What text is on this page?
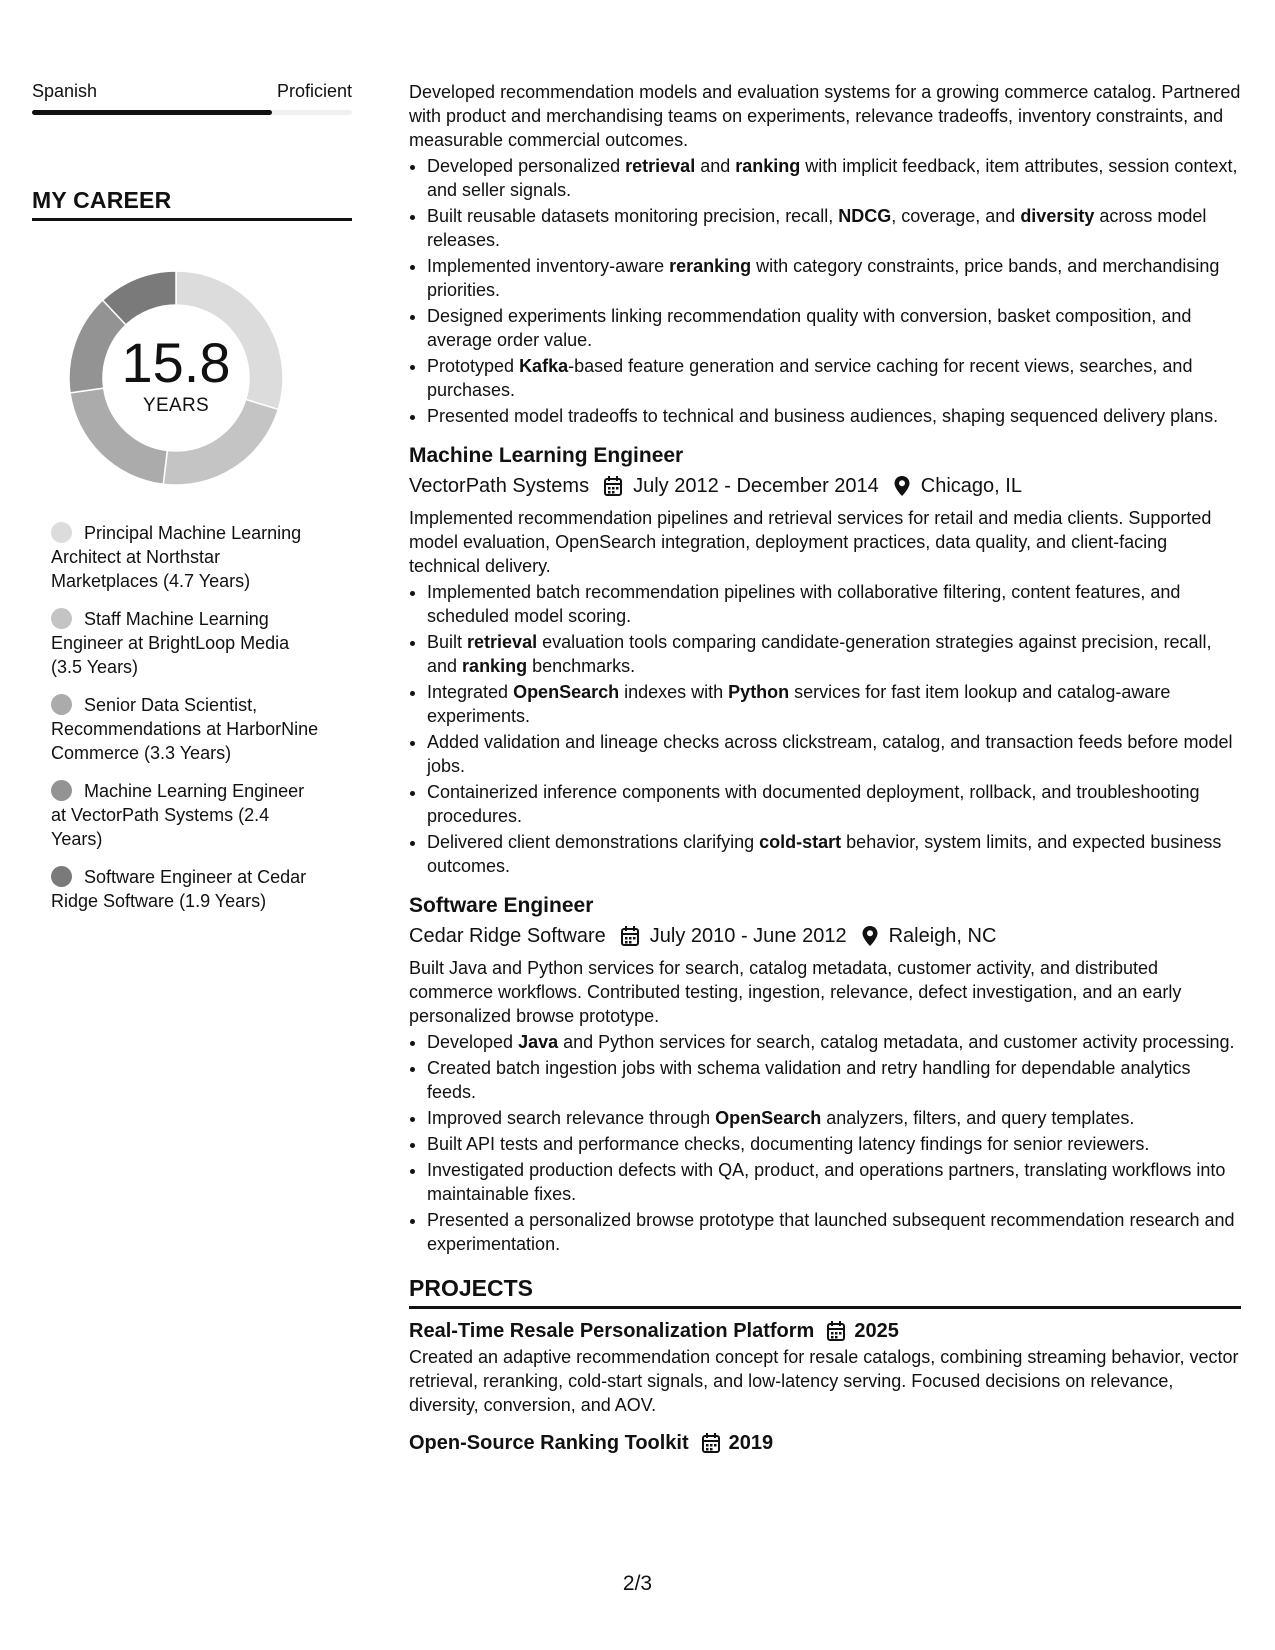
Spanish	Proficient
MY CAREER
15.8
YEARS
Principal Machine Learning Architect at Northstar Marketplaces (4.7 Years)
Staff Machine Learning Engineer at BrightLoop Media (3.5 Years)
Senior Data Scientist, Recommendations at HarborNine Commerce (3.3 Years)
Machine Learning Engineer at VectorPath Systems (2.4 Years)
Software Engineer at Cedar Ridge Software (1.9 Years)

Developed recommendation models and evaluation systems for a growing commerce catalog. Partnered with product and merchandising teams on experiments, relevance tradeoffs, inventory constraints, and measurable commercial outcomes.

• Developed personalized retrieval and ranking with implicit feedback, item attributes, session context, and seller signals.
• Built reusable datasets monitoring precision, recall, NDCG, coverage, and diversity across model releases.
• Implemented inventory-aware reranking with category constraints, price bands, and merchandising priorities.
• Designed experiments linking recommendation quality with conversion, basket composition, and average order value.
• Prototyped Kafka-based feature generation and service caching for recent views, searches, and purchases.
• Presented model tradeoffs to technical and business audiences, shaping sequenced delivery plans.
Machine Learning Engineer
VectorPath Systems July 2012 - December 2014 Chicago, IL

Implemented recommendation pipelines and retrieval services for retail and media clients. Supported model evaluation, OpenSearch integration, deployment practices, data quality, and client-facing technical delivery.

• Implemented batch recommendation pipelines with collaborative filtering, content features, and scheduled model scoring.
• Built retrieval evaluation tools comparing candidate-generation strategies against precision, recall, and ranking benchmarks.
• Integrated OpenSearch indexes with Python services for fast item lookup and catalog-aware experiments.
• Added validation and lineage checks across clickstream, catalog, and transaction feeds before model jobs.
• Containerized inference components with documented deployment, rollback, and troubleshooting procedures.
• Delivered client demonstrations clarifying cold-start behavior, system limits, and expected business outcomes.
Software Engineer
Cedar Ridge Software July 2010 - June 2012 Raleigh, NC

Built Java and Python services for search, catalog metadata, customer activity, and distributed commerce workflows. Contributed testing, ingestion, relevance, defect investigation, and an early personalized browse prototype.

• Developed Java and Python services for search, catalog metadata, and customer activity processing.
• Created batch ingestion jobs with schema validation and retry handling for dependable analytics feeds.
• Improved search relevance through OpenSearch analyzers, filters, and query templates.
• Built API tests and performance checks, documenting latency findings for senior reviewers.
• Investigated production defects with QA, product, and operations partners, translating workflows into maintainable fixes.
• Presented a personalized browse prototype that launched subsequent recommendation research and experimentation.
PROJECTS
Real-Time Resale Personalization Platform 2025

Created an adaptive recommendation concept for resale catalogs, combining streaming behavior, vector retrieval, reranking, cold-start signals, and low-latency serving. Focused decisions on relevance, diversity, conversion, and AOV.

Open-Source Ranking Toolkit 2019
2/3
